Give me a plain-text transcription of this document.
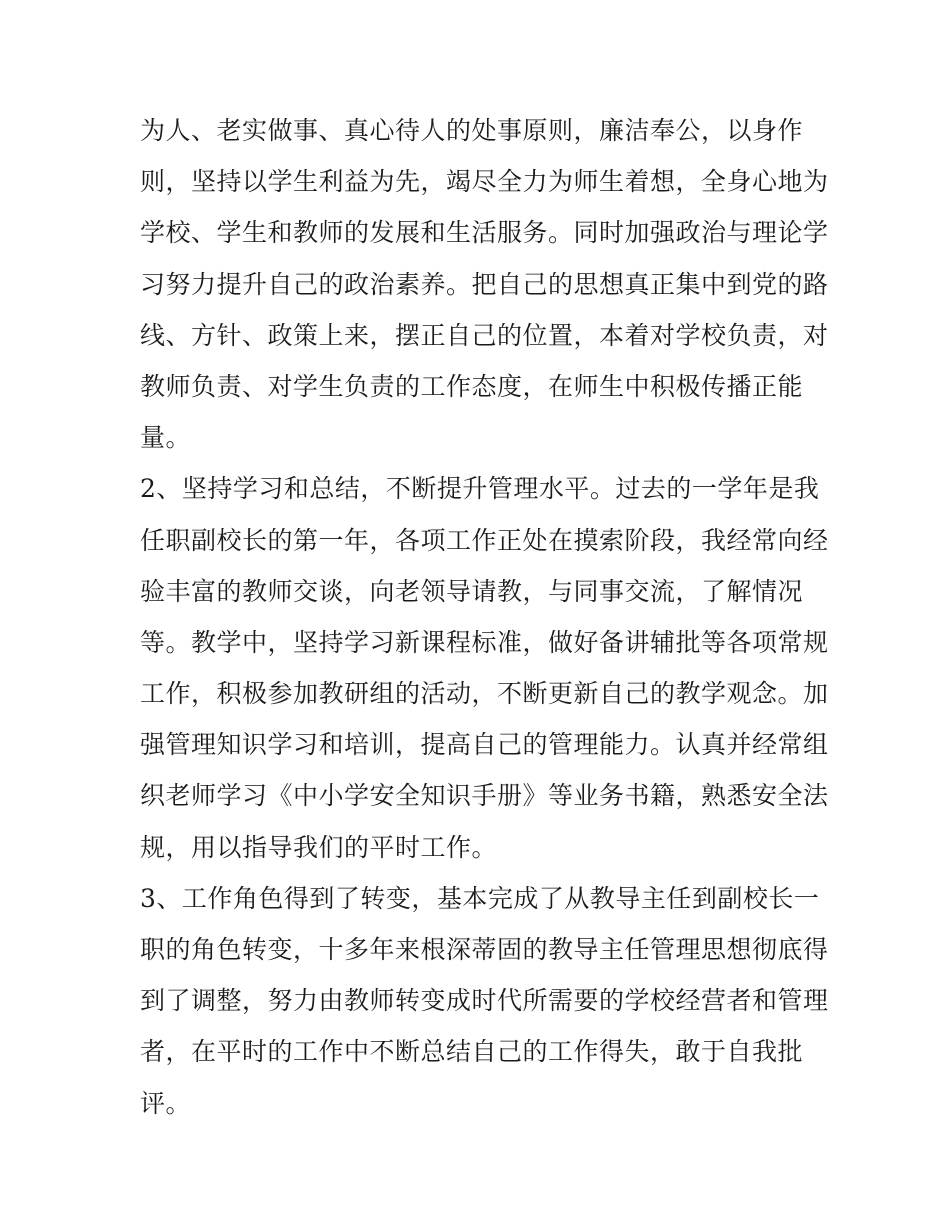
为人、老实做事、真心待人的处事原则，廉洁奉公，以身作
则，坚持以学生利益为先，竭尽全力为师生着想，全身心地为
学校、学生和教师的发展和生活服务。同时加强政治与理论学
习努力提升自己的政治素养。把自己的思想真正集中到党的路
线、方针、政策上来，摆正自己的位置，本着对学校负责，对
教师负责、对学生负责的工作态度，在师生中积极传播正能
量。
2、坚持学习和总结，不断提升管理水平。过去的一学年是我
任职副校长的第一年，各项工作正处在摸索阶段，我经常向经
验丰富的教师交谈，向老领导请教，与同事交流，了解情况
等。教学中，坚持学习新课程标准，做好备讲辅批等各项常规
工作，积极参加教研组的活动，不断更新自己的教学观念。加
强管理知识学习和培训，提高自己的管理能力。认真并经常组
织老师学习《中小学安全知识手册》等业务书籍，熟悉安全法
规，用以指导我们的平时工作。
3、工作角色得到了转变，基本完成了从教导主任到副校长一
职的角色转变，十多年来根深蒂固的教导主任管理思想彻底得
到了调整，努力由教师转变成时代所需要的学校经营者和管理
者，在平时的工作中不断总结自己的工作得失，敢于自我批
评。
